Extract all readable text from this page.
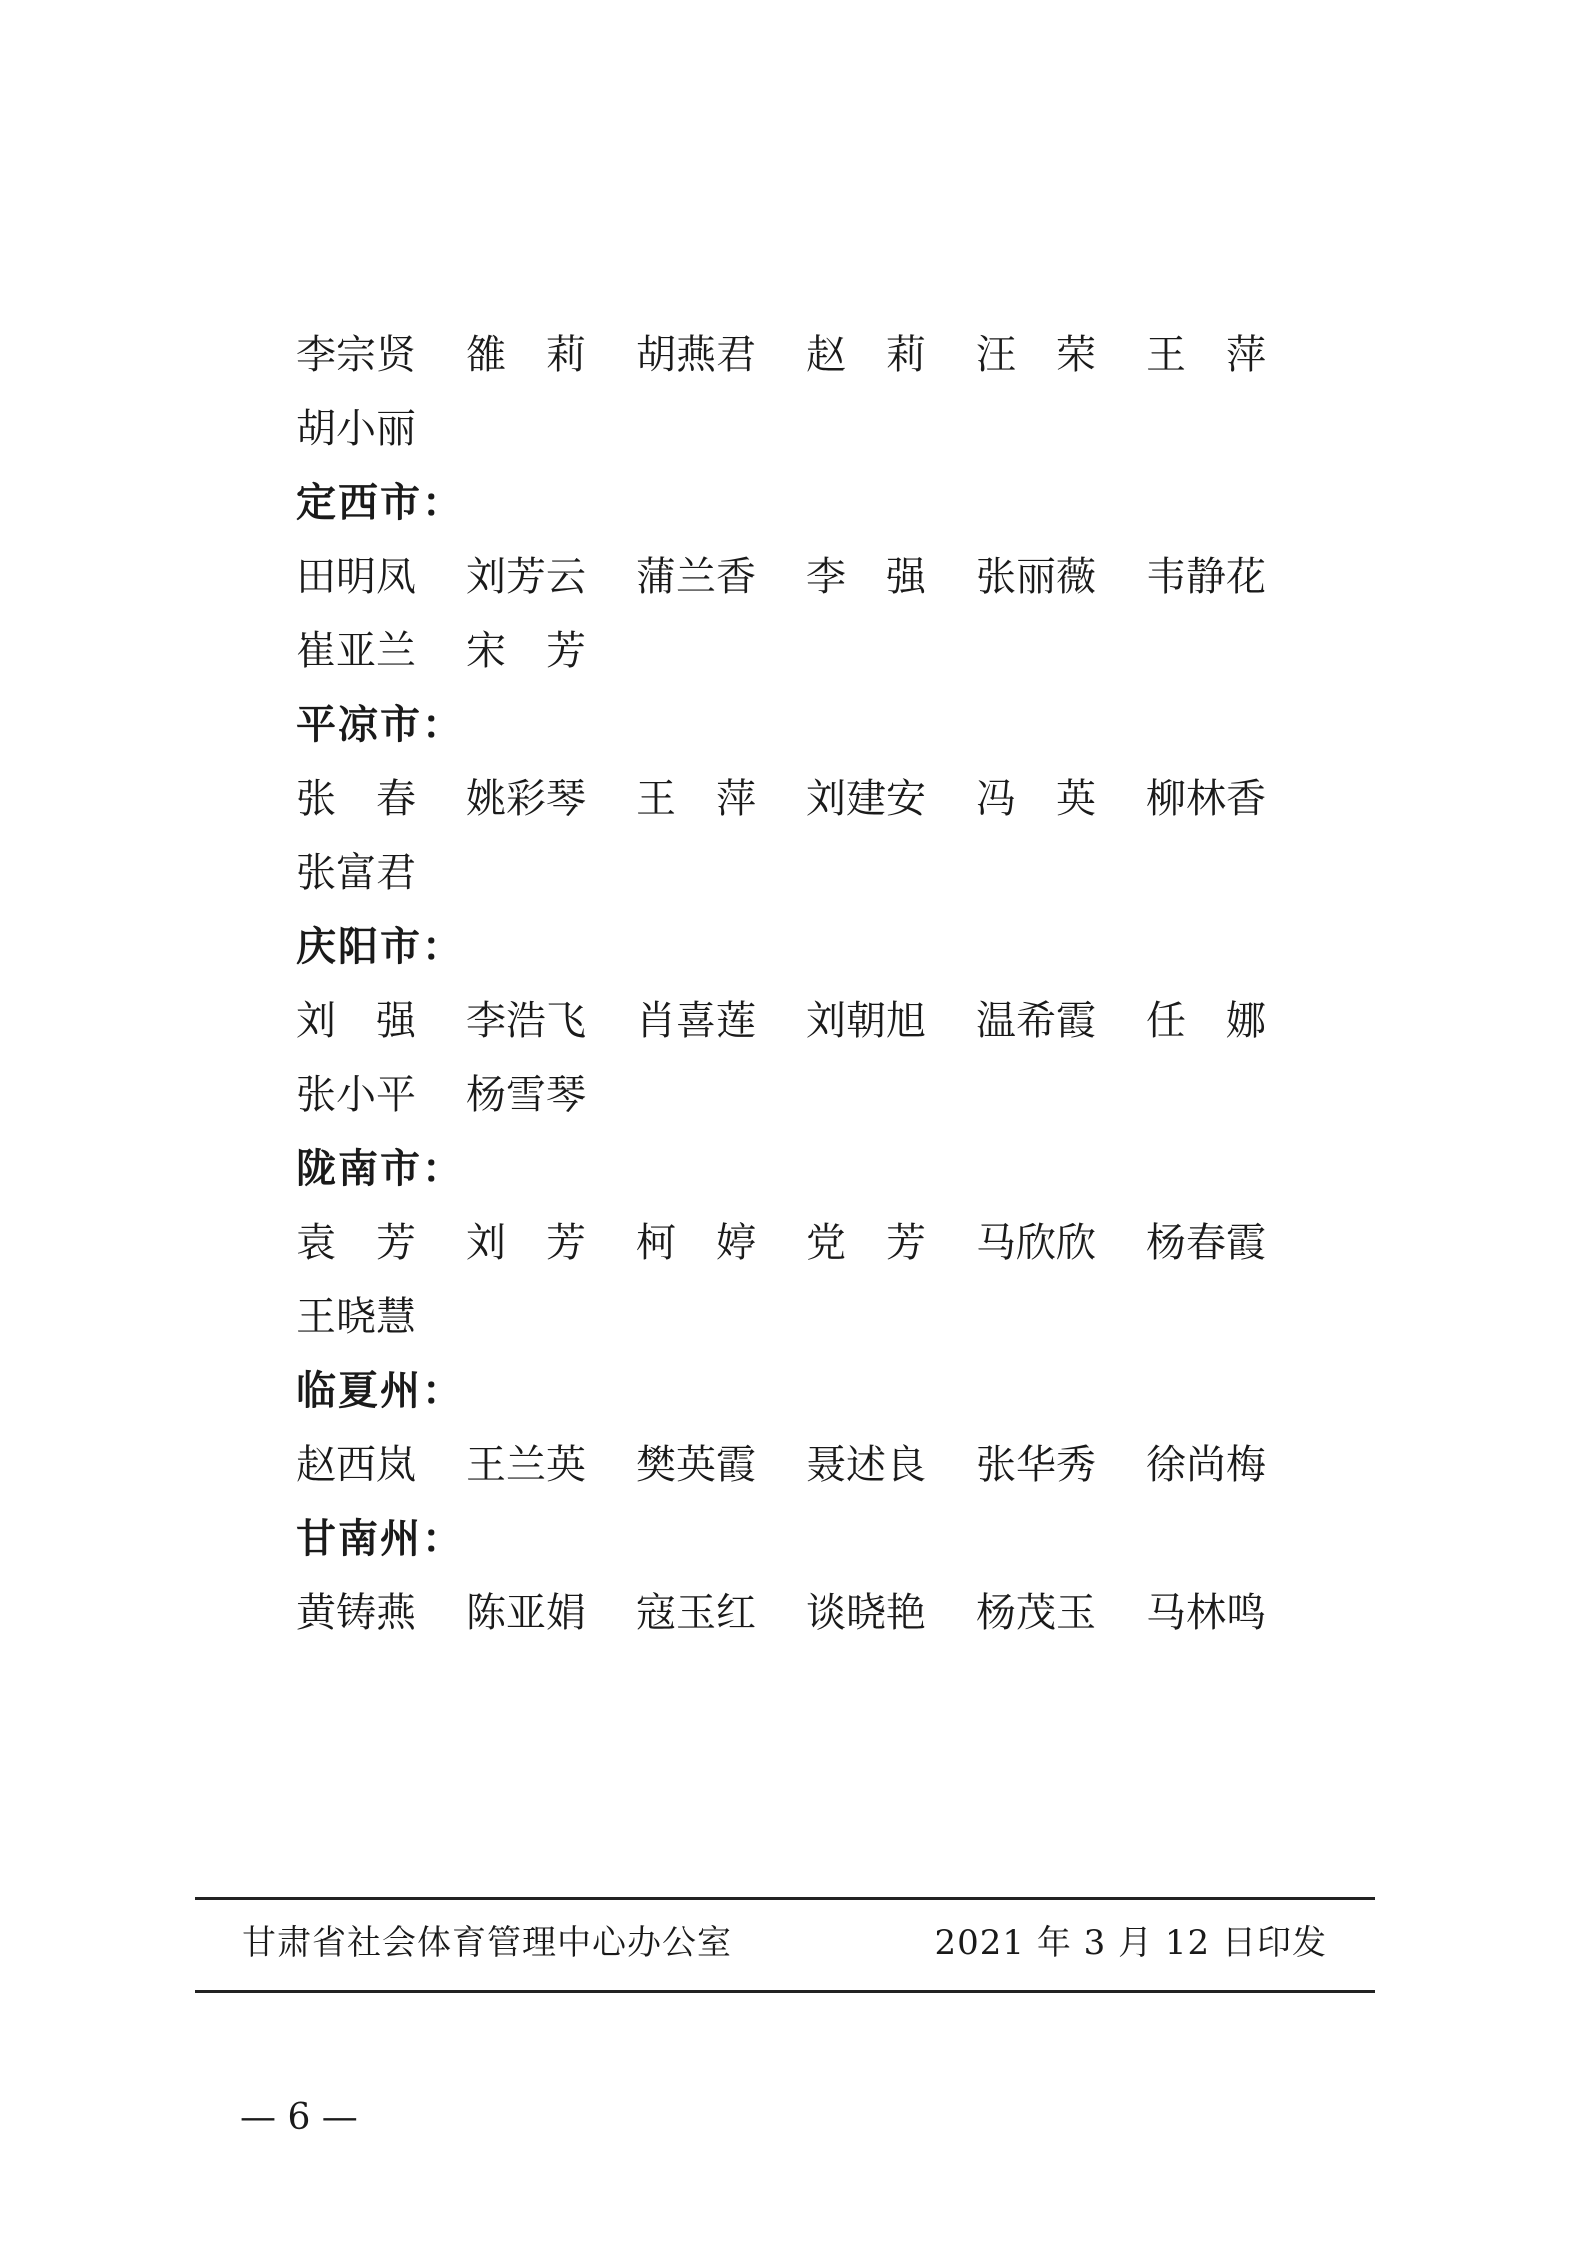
李宗贤	雒　莉	胡燕君	赵　莉	汪　荣	王　萍
胡小丽
定西市：
田明凤	刘芳云	蒲兰香	李　强	张丽薇	韦静花
崔亚兰	宋　芳
平凉市：
张　春	姚彩琴	王　萍	刘建安	冯　英	柳林香
张富君
庆阳市：
刘　强	李浩飞	肖喜莲	刘朝旭	温希霞	任　娜
张小平	杨雪琴
陇南市：
袁　芳	刘　芳	柯　婷	党　芳	马欣欣	杨春霞
王晓慧
临夏州：
赵西岚	王兰英	樊英霞	聂述良	张华秀	徐尚梅
甘南州：
黄铸燕	陈亚娟	寇玉红	谈晓艳	杨茂玉	马林鸣
甘肃省社会体育管理中心办公室	2021 年 3 月 12 日印发
— 6 —
